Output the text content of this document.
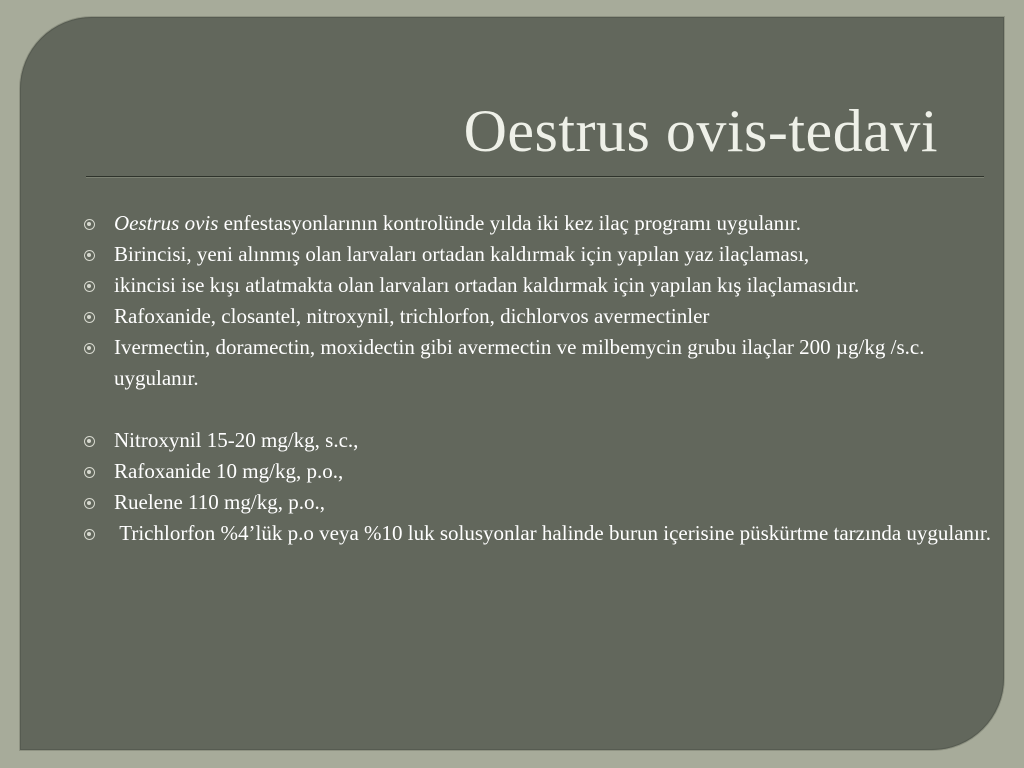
Oestrus ovis-tedavi
Oestrus ovis enfestasyonlarının kontrolünde yılda iki kez ilaç programı uygulanır.
Birincisi, yeni alınmış olan larvaları ortadan kaldırmak için yapılan yaz ilaçlaması,
ikincisi ise kışı atlatmakta olan larvaları ortadan kaldırmak için yapılan kış ilaçlamasıdır.
Rafoxanide, closantel, nitroxynil, trichlorfon, dichlorvos avermectinler
Ivermectin, doramectin, moxidectin gibi avermectin ve milbemycin grubu ilaçlar 200 µg/kg /s.c. uygulanır.
Nitroxynil 15-20 mg/kg, s.c.,
Rafoxanide 10 mg/kg, p.o.,
Ruelene 110 mg/kg, p.o.,
Trichlorfon %4’lük p.o veya %10 luk solusyonlar halinde burun içerisine püskürtme tarzında uygulanır.
